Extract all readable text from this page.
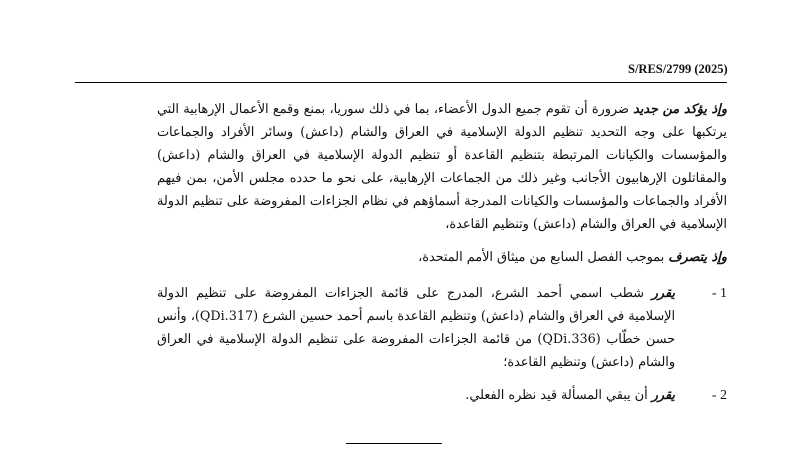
S/RES/2799 (2025)
وإذ يؤكد من جديد ضرورة أن تقوم جميع الدول الأعضاء، بما في ذلك سوريا، بمنع وقمع الأعمال الإرهابية التي يرتكبها على وجه التحديد تنظيم الدولة الإسلامية في العراق والشام (داعش) وسائر الأفراد والجماعات والمؤسسات والكيانات المرتبطة بتنظيم القاعدة أو تنظيم الدولة الإسلامية في العراق والشام (داعش) والمقاتلون الإرهابيون الأجانب وغير ذلك من الجماعات الإرهابية، على نحو ما حدده مجلس الأمن، بمن فيهم الأفراد والجماعات والمؤسسات والكيانات المدرجة أسماؤهم في نظام الجزاءات المفروضة على تنظيم الدولة الإسلامية في العراق والشام (داعش) وتنظيم القاعدة،
وإذ يتصرف بموجب الفصل السابع من ميثاق الأمم المتحدة،
1 -
يقرر شطب اسمي أحمد الشرع، المدرج على قائمة الجزاءات المفروضة على تنظيم الدولة الإسلامية في العراق والشام (داعش) وتنظيم القاعدة باسم أحمد حسين الشرع (QDi.317)، وأنس حسن خطّاب (QDi.336) من قائمة الجزاءات المفروضة على تنظيم الدولة الإسلامية في العراق والشام (داعش) وتنظيم القاعدة؛
2 -
يقرر أن يبقي المسألة قيد نظره الفعلي.
